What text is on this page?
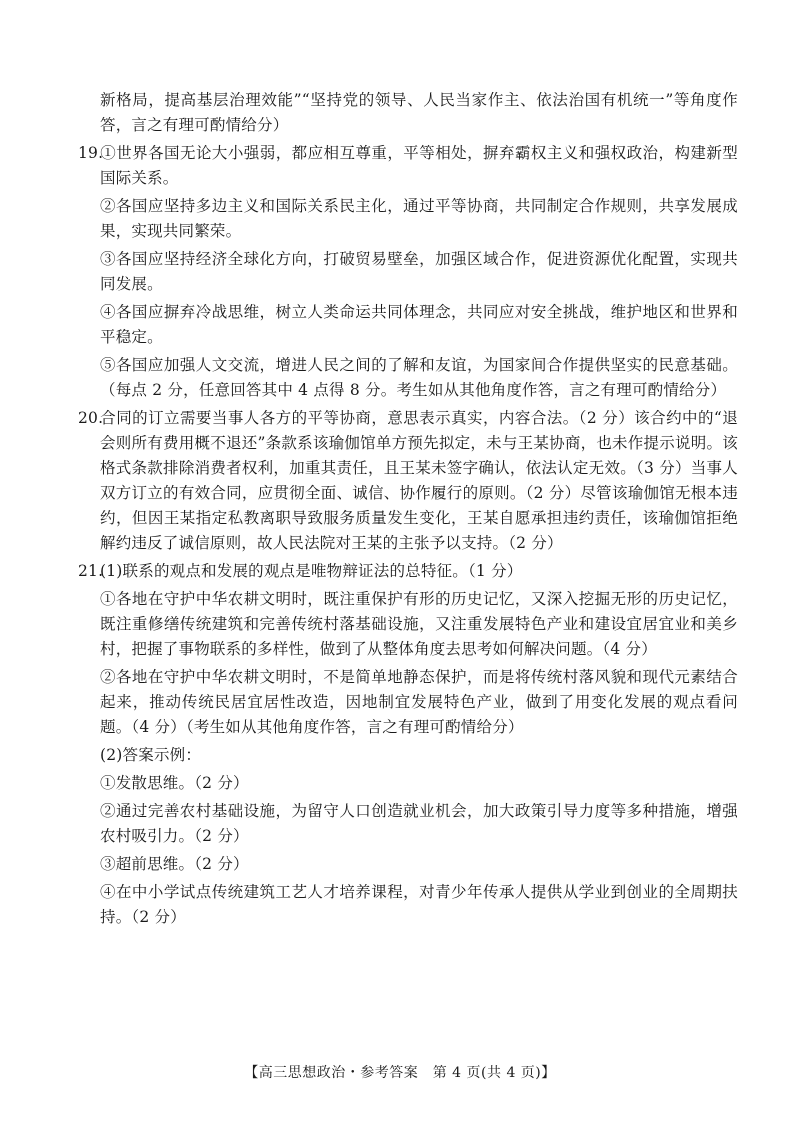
新格局，提高基层治理效能”“坚持党的领导、人民当家作主、依法治国有机统一”等角度作答，言之有理可酌情给分）

19.①世界各国无论大小强弱，都应相互尊重，平等相处，摒弃霸权主义和强权政治，构建新型国际关系。

②各国应坚持多边主义和国际关系民主化，通过平等协商，共同制定合作规则，共享发展成果，实现共同繁荣。

③各国应坚持经济全球化方向，打破贸易壁垒，加强区域合作，促进资源优化配置，实现共同发展。

④各国应摒弃冷战思维，树立人类命运共同体理念，共同应对安全挑战，维护地区和世界和平稳定。

⑤各国应加强人文交流，增进人民之间的了解和友谊，为国家间合作提供坚实的民意基础。（每点 2 分，任意回答其中 4 点得 8 分。考生如从其他角度作答，言之有理可酌情给分）

20.合同的订立需要当事人各方的平等协商，意思表示真实，内容合法。（2 分）该合约中的“退会则所有费用概不退还”条款系该瑜伽馆单方预先拟定，未与王某协商，也未作提示说明。该格式条款排除消费者权利，加重其责任，且王某未签字确认，依法认定无效。（3 分）当事人双方订立的有效合同，应贯彻全面、诚信、协作履行的原则。（2 分）尽管该瑜伽馆无根本违约，但因王某指定私教离职导致服务质量发生变化，王某自愿承担违约责任，该瑜伽馆拒绝解约违反了诚信原则，故人民法院对王某的主张予以支持。（2 分）

21.(1)联系的观点和发展的观点是唯物辩证法的总特征。（1 分）

①各地在守护中华农耕文明时，既注重保护有形的历史记忆，又深入挖掘无形的历史记忆，既注重修缮传统建筑和完善传统村落基础设施，又注重发展特色产业和建设宜居宜业和美乡村，把握了事物联系的多样性，做到了从整体角度去思考如何解决问题。（4 分）

②各地在守护中华农耕文明时，不是简单地静态保护，而是将传统村落风貌和现代元素结合起来，推动传统民居宜居性改造，因地制宜发展特色产业，做到了用变化发展的观点看问题。（4 分）（考生如从其他角度作答，言之有理可酌情给分）

(2)答案示例：

①发散思维。（2 分）

②通过完善农村基础设施，为留守人口创造就业机会，加大政策引导力度等多种措施，增强农村吸引力。（2 分）

③超前思维。（2 分）

④在中小学试点传统建筑工艺人才培养课程，对青少年传承人提供从学业到创业的全周期扶持。（2 分）

【高三思想政治・参考答案　第 4 页(共 4 页)】
